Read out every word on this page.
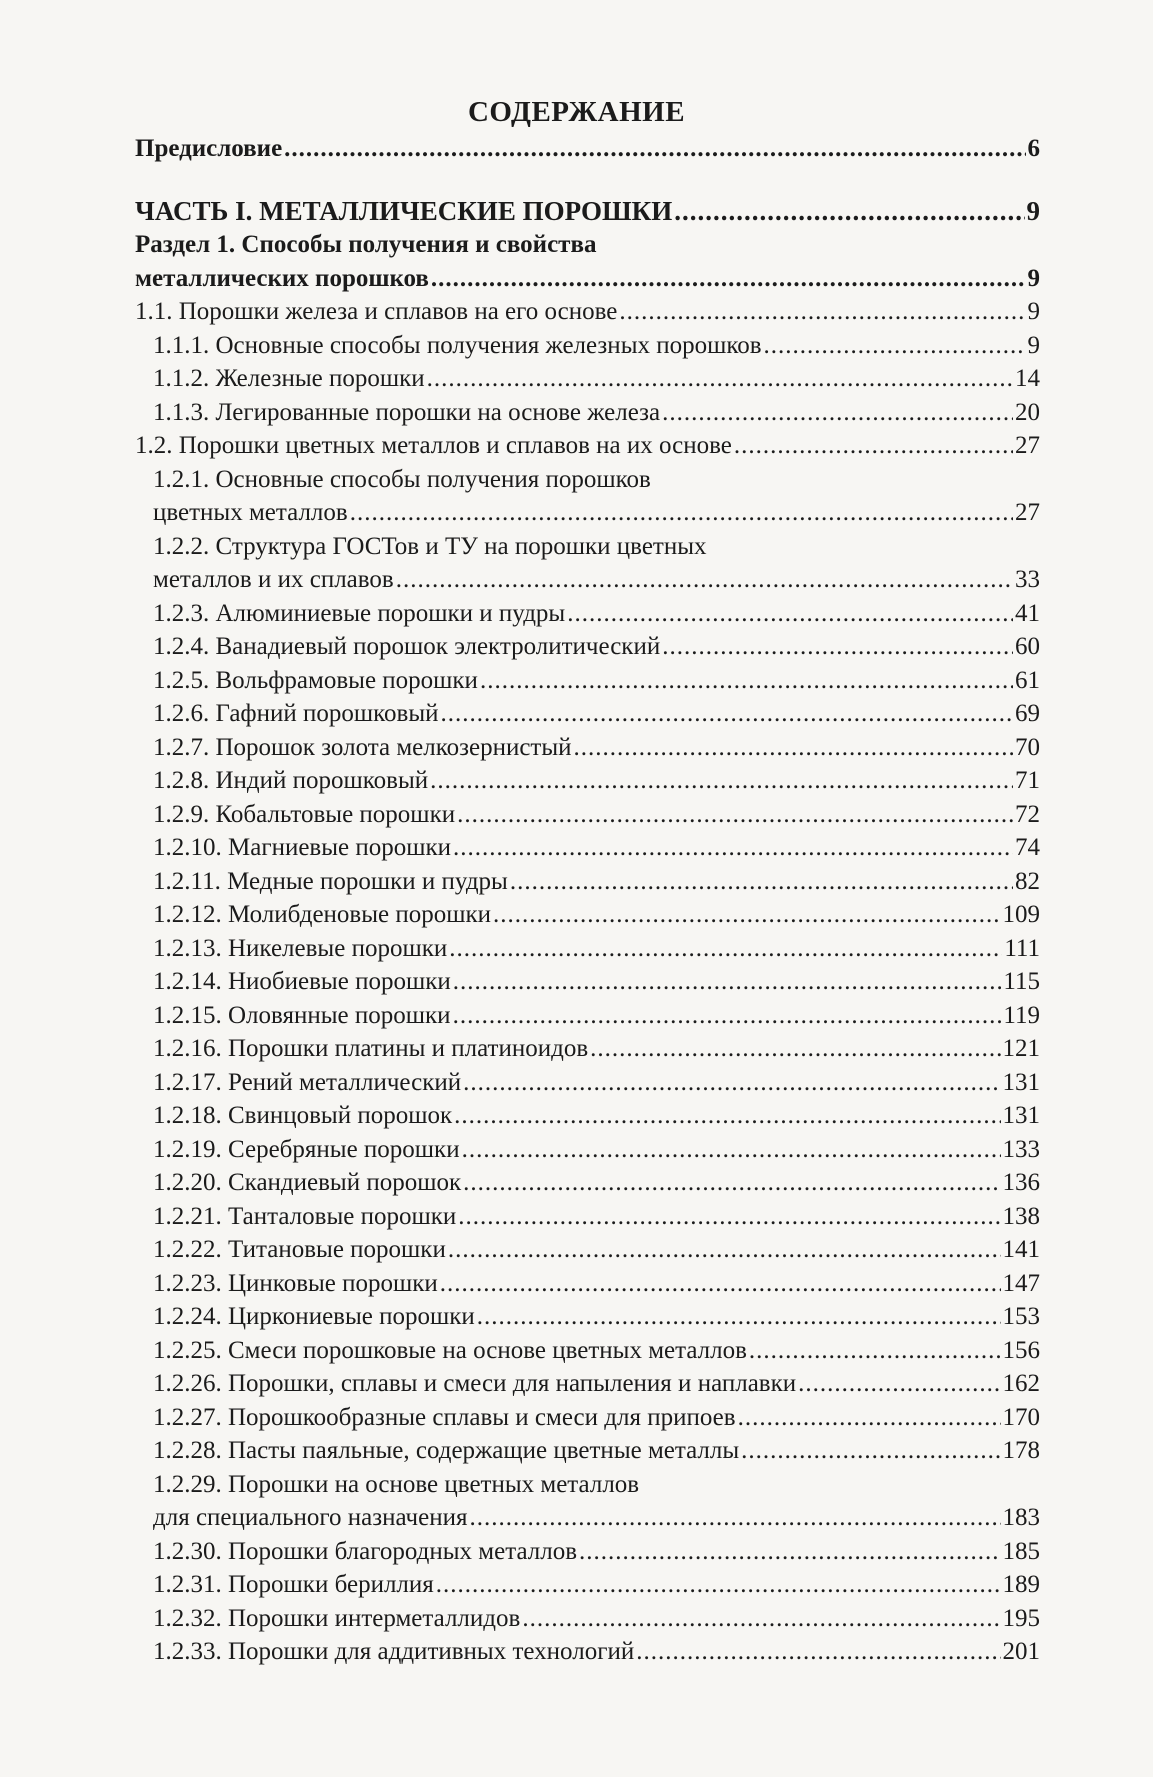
СОДЕРЖАНИЕ
Предисловие .....	6
ЧАСТЬ I. МЕТАЛЛИЧЕСКИЕ ПОРОШКИ .....	9
Раздел 1. Способы получения и свойства
металлических порошков .....	9
1.1. Порошки железа и сплавов на его основе .....	9
1.1.1. Основные способы получения железных порошков .....	9
1.1.2. Железные порошки .....	14
1.1.3. Легированные порошки на основе железа .....	20
1.2. Порошки цветных металлов и сплавов на их основе .....	27
1.2.1. Основные способы получения порошков
цветных металлов .....	27
1.2.2. Структура ГОСТов и ТУ на порошки цветных
металлов и их сплавов .....	33
1.2.3. Алюминиевые порошки и пудры .....	41
1.2.4. Ванадиевый порошок электролитический .....	60
1.2.5. Вольфрамовые порошки .....	61
1.2.6. Гафний порошковый .....	69
1.2.7. Порошок золота мелкозернистый .....	70
1.2.8. Индий порошковый .....	71
1.2.9. Кобальтовые порошки .....	72
1.2.10. Магниевые порошки .....	74
1.2.11. Медные порошки и пудры .....	82
1.2.12. Молибденовые порошки .....	109
1.2.13. Никелевые порошки .....	111
1.2.14. Ниобиевые порошки .....	115
1.2.15. Оловянные порошки .....	119
1.2.16. Порошки платины и платиноидов .....	121
1.2.17. Рений металлический .....	131
1.2.18. Свинцовый порошок .....	131
1.2.19. Серебряные порошки .....	133
1.2.20. Скандиевый порошок .....	136
1.2.21. Танталовые порошки .....	138
1.2.22. Титановые порошки .....	141
1.2.23. Цинковые порошки .....	147
1.2.24. Циркониевые порошки .....	153
1.2.25. Смеси порошковые на основе цветных металлов .....	156
1.2.26. Порошки, сплавы и смеси для напыления и наплавки .....	162
1.2.27. Порошкообразные сплавы и смеси для припоев .....	170
1.2.28. Пасты паяльные, содержащие цветные металлы .....	178
1.2.29. Порошки на основе цветных металлов
для специального назначения .....	183
1.2.30. Порошки благородных металлов .....	185
1.2.31. Порошки бериллия .....	189
1.2.32. Порошки интерметаллидов .....	195
1.2.33. Порошки для аддитивных технологий .....	201
